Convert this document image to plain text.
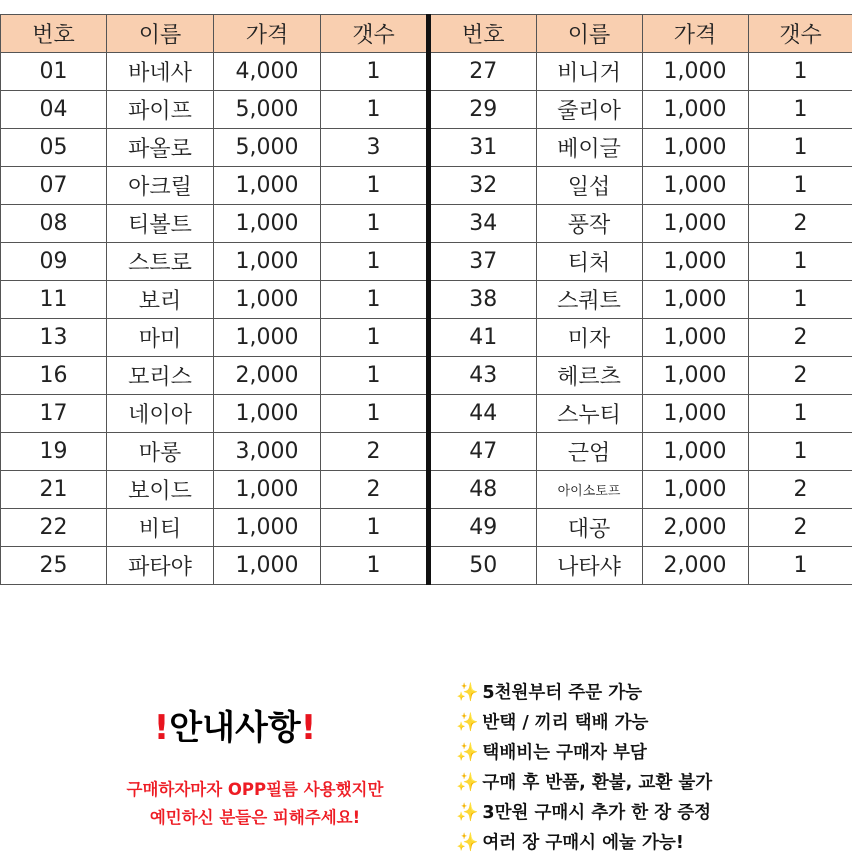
번호	이름	가격	갯수
01	바네사	4,000	1
04	파이프	5,000	1
05	파올로	5,000	3
07	아크릴	1,000	1
08	티볼트	1,000	1
09	스트로	1,000	1
11	보리	1,000	1
13	마미	1,000	1
16	모리스	2,000	1
17	네이아	1,000	1
19	마롱	3,000	2
21	보이드	1,000	2
22	비티	1,000	1
25	파타야	1,000	1
번호	이름	가격	갯수
27	비니거	1,000	1
29	줄리아	1,000	1
31	베이글	1,000	1
32	일섭	1,000	1
34	풍작	1,000	2
37	티처	1,000	1
38	스쿼트	1,000	1
41	미자	1,000	2
43	헤르츠	1,000	2
44	스누티	1,000	1
47	근엄	1,000	1
48	아이소토프	1,000	2
49	대공	2,000	2
50	나타샤	2,000	1
!안내사항!
구매하자마자 OPP필름 사용했지만
예민하신 분들은 피해주세요!
✨ 5천원부터 주문 가능
✨ 반택 / 끼리 택배 가능
✨ 택배비는 구매자 부담
✨ 구매 후 반품, 환불, 교환 불가
✨ 3만원 구매시 추가 한 장 증정
✨ 여러 장 구매시 에눌 가능!
